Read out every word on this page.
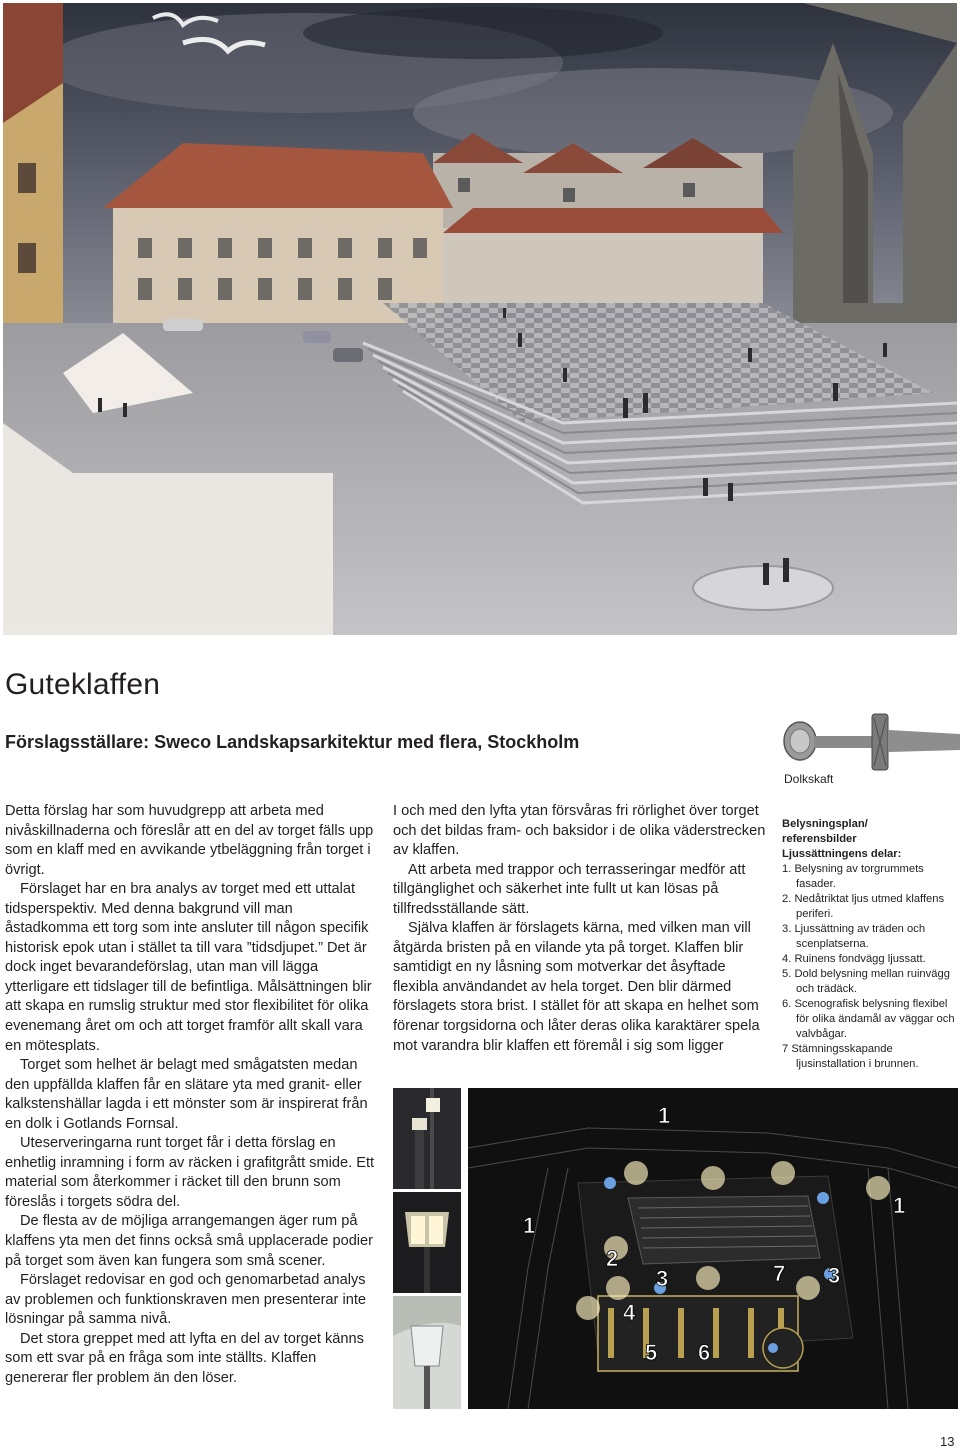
Guteklaffen
Förslagsställare: Sweco Landskapsarkitektur med flera, Stockholm
Dolkskaft

Detta förslag har som huvudgrepp att arbeta med nivåskillnaderna och föreslår att en del av torget fälls upp som en klaff med en avvikande ytbeläggning från torget i övrigt.

Förslaget har en bra analys av torget med ett uttalat tidsperspektiv. Med denna bakgrund vill man åstadkomma ett torg som inte ansluter till någon specifik historisk epok utan i stället ta till vara ”tidsdjupet.” Det är dock inget bevarandeförslag, utan man vill lägga ytterligare ett tidslager till de befintliga. Målsättningen blir att skapa en rumslig struktur med stor flexibilitet för olika evenemang året om och att torget framför allt skall vara en mötesplats.

Torget som helhet är belagt med smågatsten medan den uppfällda klaffen får en slätare yta med granit- eller kalkstenshällar lagda i ett mönster som är inspirerat från en dolk i Gotlands Fornsal.

Uteserveringarna runt torget får i detta förslag en enhetlig inramning i form av räcken i grafitgrått smide. Ett material som återkommer i räcket till den brunn som föreslås i torgets södra del.

De flesta av de möjliga arrangemangen äger rum på klaffens yta men det finns också små upplacerade podier på torget som även kan fungera som små scener.

Förslaget redovisar en god och genomarbetad analys av problemen och funktionskraven men presenterar inte lösningar på samma nivå.

Det stora greppet med att lyfta en del av torget känns som ett svar på en fråga som inte ställts. Klaffen genererar fler problem än den löser.

I och med den lyfta ytan försvåras fri rörlighet över torget och det bildas fram- och baksidor i de olika väderstrecken av klaffen.

Att arbeta med trappor och terrasseringar medför att tillgänglighet och säkerhet inte fullt ut kan lösas på tillfredsställande sätt.

Själva klaffen är förslagets kärna, med vilken man vill åtgärda bristen på en vilande yta på torget. Klaffen blir samtidigt en ny låsning som motverkar det åsyftade flexibla användandet av hela torget. Den blir därmed förslagets stora brist. I stället för att skapa en helhet som förenar torgsidorna och låter deras olika karaktärer spela mot varandra blir klaffen ett föremål i sig som ligger

Belysningsplan/
referensbilder
Ljussättningens delar:
1. Belysning av torgrummets fasader.
2. Nedåtriktat ljus utmed klaffens periferi.
3. Ljussättning av träden och scenplatserna.
4. Ruinens fondvägg ljussatt.
5. Dold belysning mellan ruinvägg och trädäck.
6. Scenografisk belysning flexibel för olika ändamål av väggar och valvbågar.
7 Stämningsskapande ljusinstallation i brunnen.
1
1
1
2
3	3
4
5 6
7
13
